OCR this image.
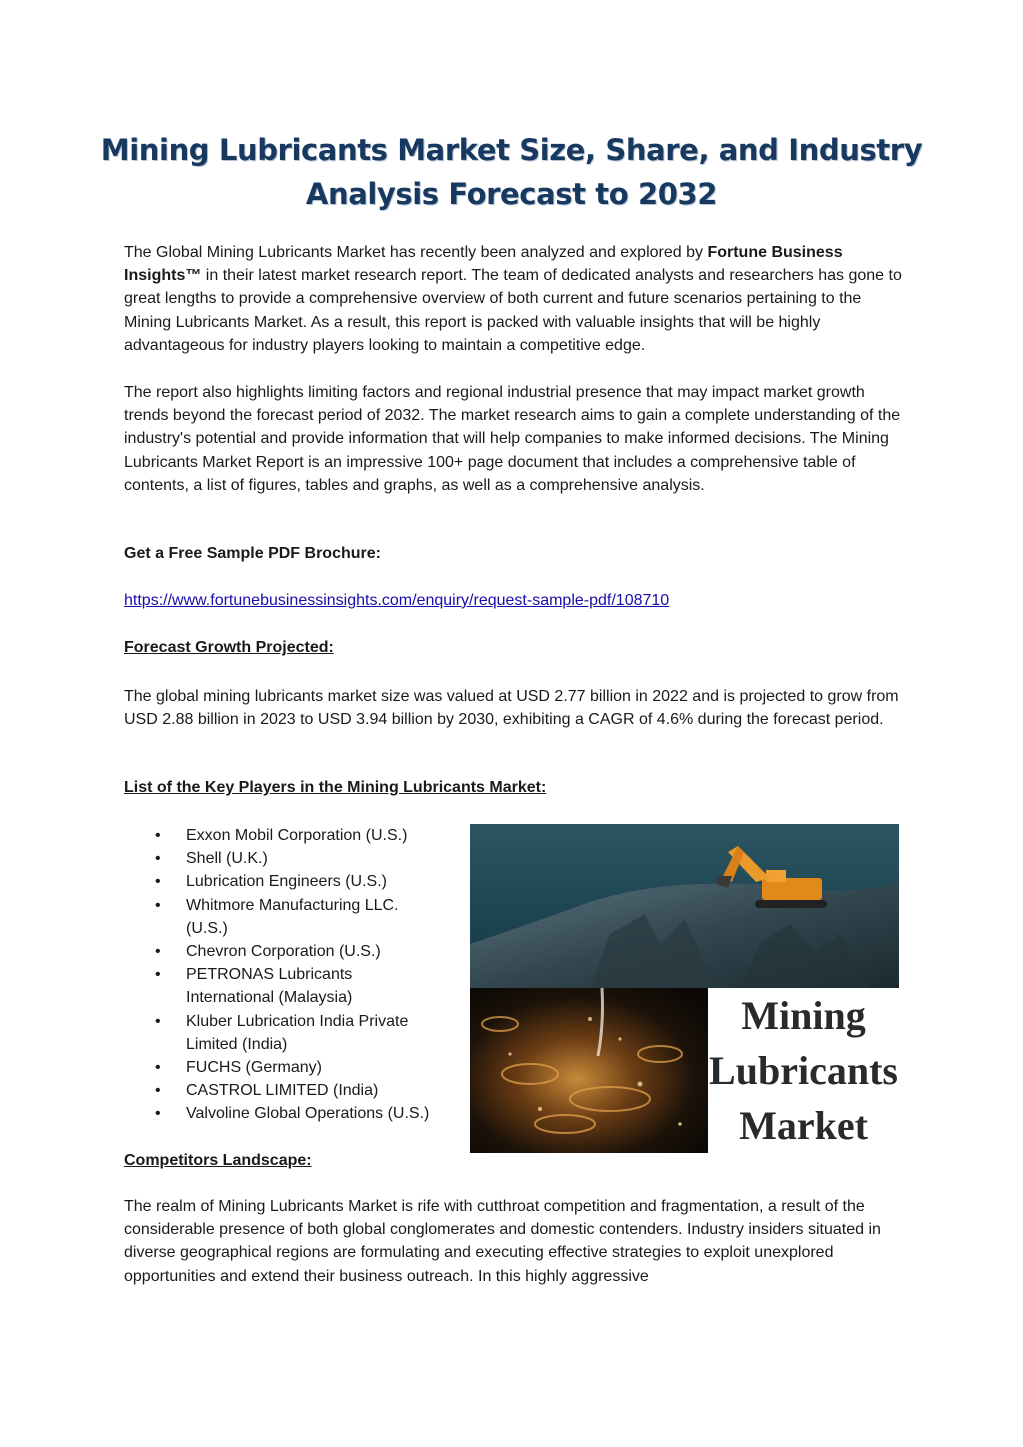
Mining Lubricants Market Size, Share, and Industry
Analysis Forecast to 2032

The Global Mining Lubricants Market has recently been analyzed and explored by Fortune Business Insights™ in their latest market research report. The team of dedicated analysts and researchers has gone to great lengths to provide a comprehensive overview of both current and future scenarios pertaining to the Mining Lubricants Market. As a result, this report is packed with valuable insights that will be highly advantageous for industry players looking to maintain a competitive edge.

The report also highlights limiting factors and regional industrial presence that may impact market growth trends beyond the forecast period of 2032. The market research aims to gain a complete understanding of the industry's potential and provide information that will help companies to make informed decisions. The Mining Lubricants Market Report is an impressive 100+ page document that includes a comprehensive table of contents, a list of figures, tables and graphs, as well as a comprehensive analysis.

Get a Free Sample PDF Brochure:

https://www.fortunebusinessinsights.com/enquiry/request-sample-pdf/108710

Forecast Growth Projected:

The global mining lubricants market size was valued at USD 2.77 billion in 2022 and is projected to grow from USD 2.88 billion in 2023 to USD 3.94 billion by 2030, exhibiting a CAGR of 4.6% during the forecast period.

List of the Key Players in the Mining Lubricants Market:

• Exxon Mobil Corporation (U.S.)
• Shell (U.K.)
• Lubrication Engineers (U.S.)
• Whitmore Manufacturing LLC. (U.S.)
• Chevron Corporation (U.S.)
• PETRONAS Lubricants International (Malaysia)
• Kluber Lubrication India Private Limited (India)
• FUCHS (Germany)
• CASTROL LIMITED (India)
• Valvoline Global Operations (U.S.)
Mining
Lubricants
Market

Competitors Landscape:

The realm of Mining Lubricants Market is rife with cutthroat competition and fragmentation, a result of the considerable presence of both global conglomerates and domestic contenders. Industry insiders situated in diverse geographical regions are formulating and executing effective strategies to exploit unexplored opportunities and extend their business outreach. In this highly aggressive
